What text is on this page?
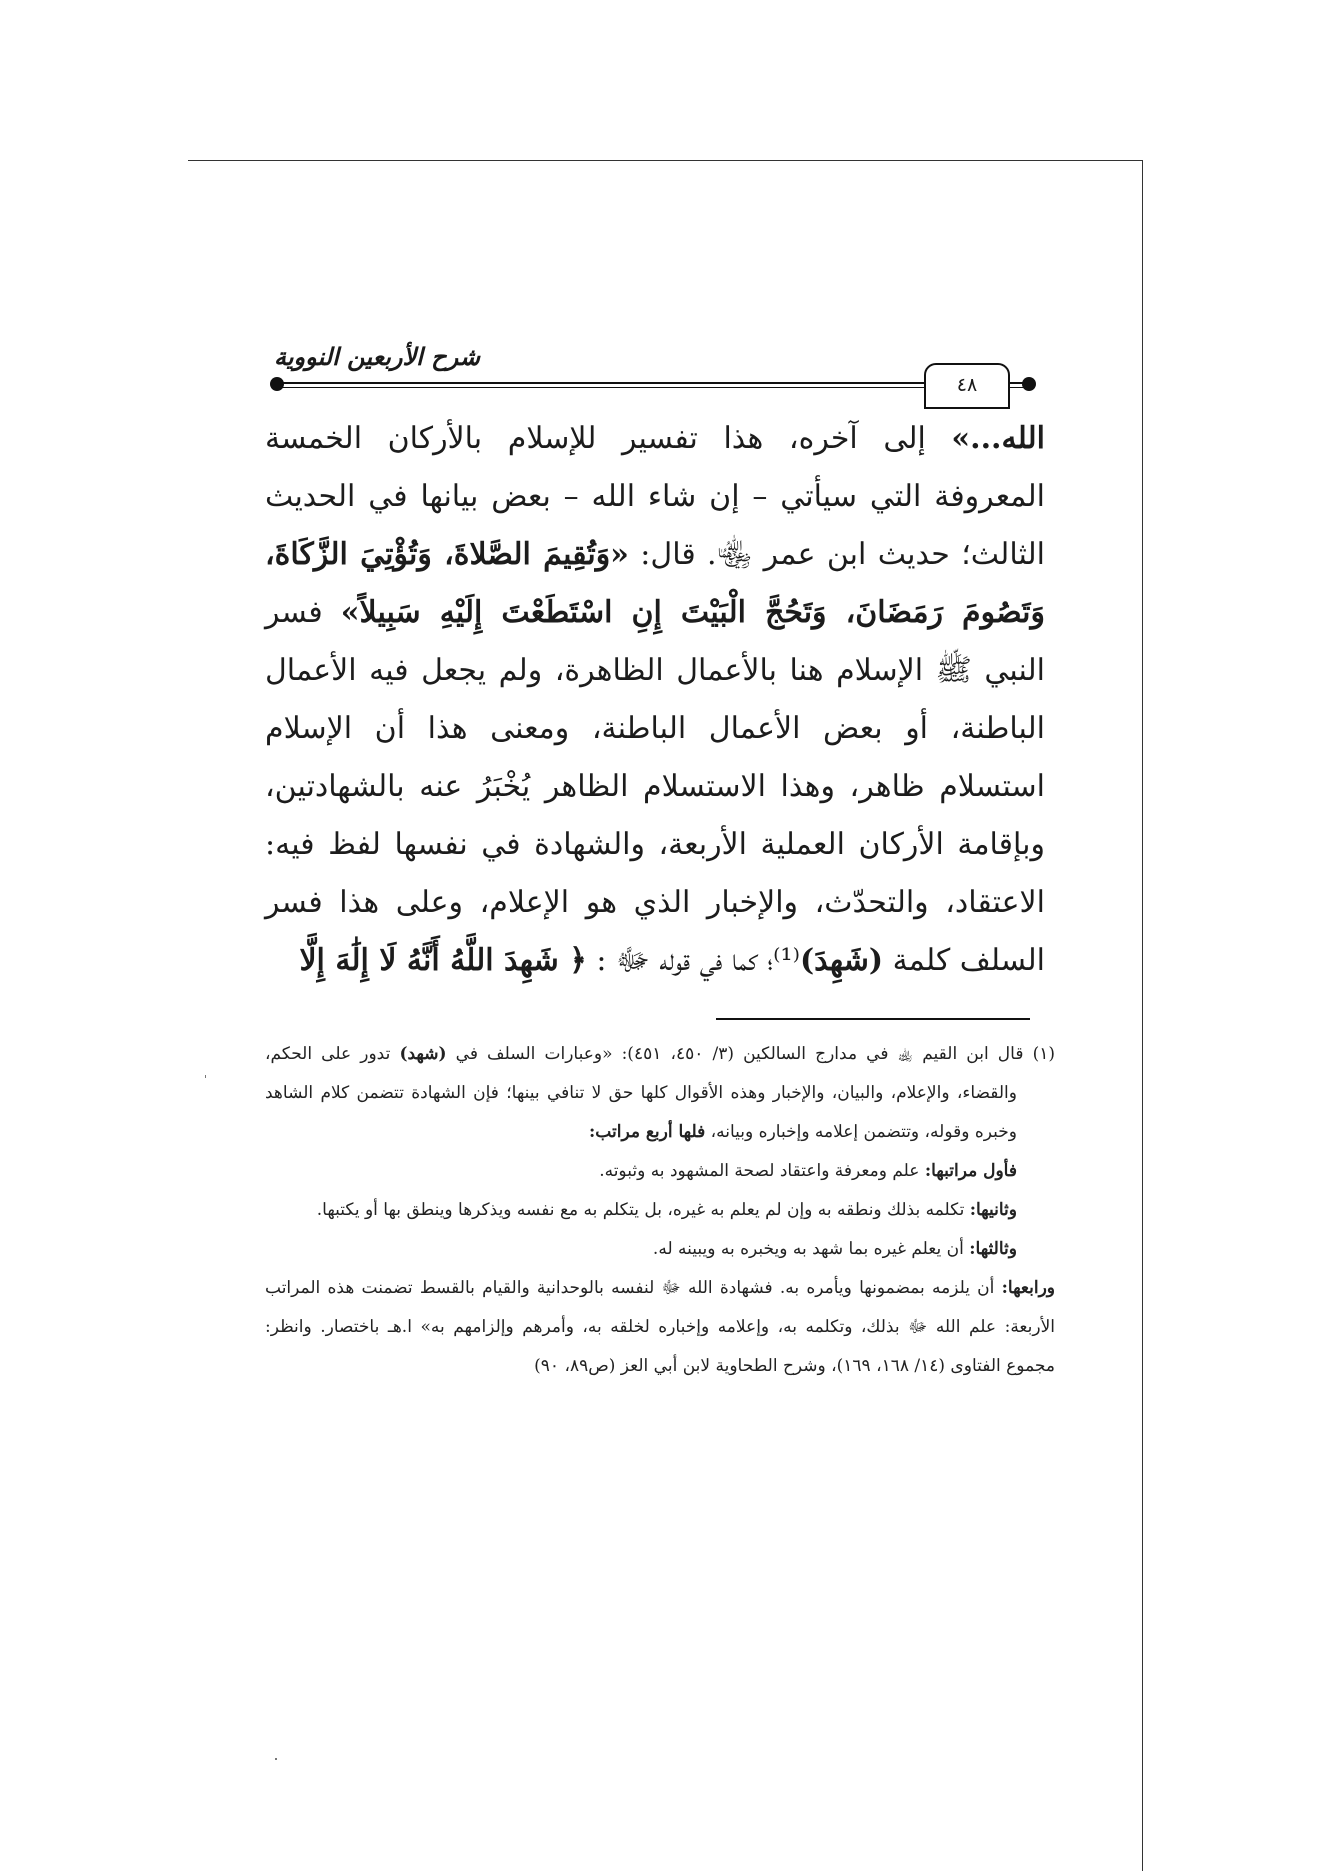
شرح الأربعين النووية
٤٨

الله...» إلى آخره، هذا تفسير للإسلام بالأركان الخمسة المعروفة التي سيأتي – إن شاء الله – بعض بيانها في الحديث الثالث؛ حديث ابن عمر ﵄. قال: «وَتُقِيمَ الصَّلاةَ، وَتُؤْتِيَ الزَّكَاةَ، وَتَصُومَ رَمَضَانَ، وَتَحُجَّ الْبَيْتَ إِنِ اسْتَطَعْتَ إِلَيْهِ سَبِيلاً» فسر النبي ﷺ الإسلام هنا بالأعمال الظاهرة، ولم يجعل فيه الأعمال الباطنة، أو بعض الأعمال الباطنة، ومعنى هذا أن الإسلام استسلام ظاهر، وهذا الاستسلام الظاهر يُخْبَرُ عنه بالشهادتين، وبإقامة الأركان العملية الأربعة، والشهادة في نفسها لفظ فيه: الاعتقاد، والتحدّث، والإخبار الذي هو الإعلام، وعلى هذا فسر السلف كلمة (شَهِدَ)⁽¹⁾؛ كما في قوله ﷻ : ﴿ شَهِدَ اللَّهُ أَنَّهُ لَا إِلَٰهَ إِلَّا

(١) قال ابن القيم ﵀ في مدارج السالكين (٣/ ٤٥٠، ٤٥١): «وعبارات السلف في (شهد) تدور على الحكم، والقضاء، والإعلام، والبيان، والإخبار وهذه الأقوال كلها حق لا تنافي بينها؛ فإن الشهادة تتضمن كلام الشاهد وخبره وقوله، وتتضمن إعلامه وإخباره وبيانه، فلها أربع مراتب:

فأول مراتبها: علم ومعرفة واعتقاد لصحة المشهود به وثبوته.

وثانيها: تكلمه بذلك ونطقه به وإن لم يعلم به غيره، بل يتكلم به مع نفسه ويذكرها وينطق بها أو يكتبها.

وثالثها: أن يعلم غيره بما شهد به ويخبره به ويبينه له.

ورابعها: أن يلزمه بمضمونها ويأمره به. فشهادة الله ﷻ لنفسه بالوحدانية والقيام بالقسط تضمنت هذه المراتب الأربعة: علم الله ﷻ بذلك، وتكلمه به، وإعلامه وإخباره لخلقه به، وأمرهم وإلزامهم به» ا.هـ باختصار. وانظر: مجموع الفتاوى (١٤/ ١٦٨، ١٦٩)، وشرح الطحاوية لابن أبي العز (ص٨٩، ٩٠)
